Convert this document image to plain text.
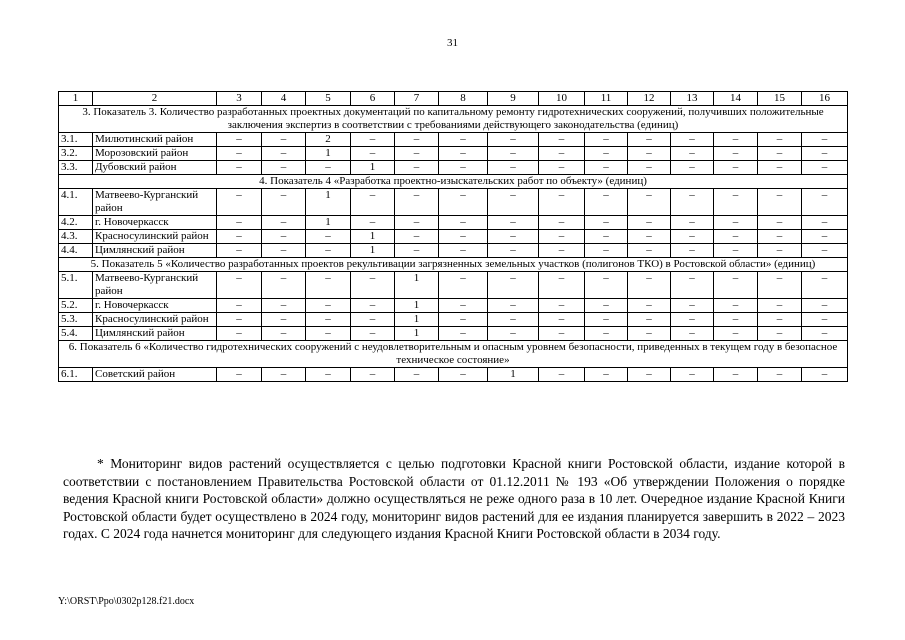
31
1	2	3	4	5	6	7	8	9	10	11	12	13	14	15	16
3. Показатель 3. Количество разработанных проектных документаций по капитальному ремонту гидротехнических сооружений, получивших положительные заключения экспертиз в соответствии с требованиями действующего законодательства (единиц)															
3.1.	Милютинский район	–	–	2	–	–	–	–	–	–	–	–	–	–	–
3.2.	Морозовский район	–	–	1	–	–	–	–	–	–	–	–	–	–	–
3.3.	Дубовский район	–	–	–	1	–	–	–	–	–	–	–	–	–	–
4. Показатель 4 «Разработка проектно-изыскательских работ по объекту» (единиц)															
4.1.	Матвеево-Курганский район	–	–	1	–	–	–	–	–	–	–	–	–	–	–
4.2.	г. Новочеркасск	–	–	1	–	–	–	–	–	–	–	–	–	–	–
4.3.	Красносулинский район	–	–	–	1	–	–	–	–	–	–	–	–	–	–
4.4.	Цимлянский район	–	–	–	1	–	–	–	–	–	–	–	–	–	–
5. Показатель 5 «Количество разработанных проектов рекультивации загрязненных земельных участков (полигонов ТКО) в Ростовской области» (единиц)															
5.1.	Матвеево-Курганский район	–	–	–	–	1	–	–	–	–	–	–	–	–	–
5.2.	г. Новочеркасск	–	–	–	–	1	–	–	–	–	–	–	–	–	–
5.3.	Красносулинский район	–	–	–	–	1	–	–	–	–	–	–	–	–	–
5.4.	Цимлянский район	–	–	–	–	1	–	–	–	–	–	–	–	–	–
6. Показатель 6 «Количество гидротехнических сооружений с неудовлетворительным и опасным уровнем безопасности, приведенных в текущем году в безопасное техническое состояние»															
6.1.	Советский район	–	–	–	–	–	–	1	–	–	–	–	–	–	–

* Мониторинг видов растений осуществляется с целью подготовки Красной книги Ростовской области, издание которой в соответствии с постановлением Правительства Ростовской области от 01.12.2011 № 193 «Об утверждении Положения о порядке ведения Красной книги Ростовской области» должно осуществляться не реже одного раза в 10 лет. Очередное издание Красной Книги Ростовской области будет осуществлено в 2024 году, мониторинг видов растений для ее издания планируется завершить в 2022 – 2023 годах. С 2024 года начнется мониторинг для следующего издания Красной Книги Ростовской области в 2034 году.

Y:\ORST\Ppo\0302p128.f21.docx
